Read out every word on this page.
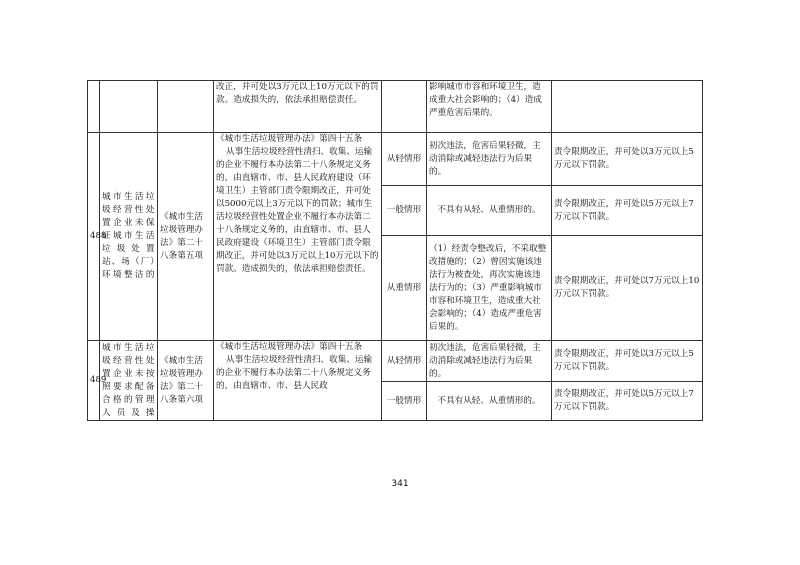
			改正，并可处以3万元以上10万元以下的罚款。造成损失的，依法承担赔偿责任。		影响城市市容和环境卫生，造成重大社会影响的；（4）造成严重危害后果的。	
488	城市生活垃圾经营性处置企业未保证城市生活垃圾处置站、场（厂）环境整洁的	《城市生活垃圾管理办法》第二十八条第五项	《城市生活垃圾管理办法》第四十五条
从事生活垃圾经营性清扫、收集、运输的企业不履行本办法第二十八条规定义务的，由直辖市、市、县人民政府建设（环境卫生）主管部门责令限期改正，并可处以5000元以上3万元以下的罚款；城市生活垃圾经营性处置企业不履行本办法第二十八条规定义务的，由直辖市、市、县人民政府建设（环境卫生）主管部门责令限期改正，并可处以3万元以上10万元以下的罚款。造成损失的，依法承担赔偿责任。	从轻情形	初次违法，危害后果轻微，主动消除或减轻违法行为后果的。	责令限期改正，并可处以3万元以上5万元以下罚款。
				一般情形	不具有从轻、从重情形的。	责令限期改正，并可处以5万元以上7万元以下罚款。
				从重情形	（1）经责令整改后，不采取整改措施的；（2）曾因实施该违法行为被查处，再次实施该违法行为的；（3）严重影响城市市容和环境卫生，造成重大社会影响的；（4）造成严重危害后果的。	责令限期改正，并可处以7万元以上10万元以下罚款。
489	城市生活垃圾经营性处置企业未按照要求配备合格的管理人员及操	《城市生活垃圾管理办法》第二十八条第六项	《城市生活垃圾管理办法》第四十五条
从事生活垃圾经营性清扫、收集、运输的企业不履行本办法第二十八条规定义务的，由直辖市、市、县人民政	从轻情形	初次违法，危害后果轻微，主动消除或减轻违法行为后果的。	责令限期改正，并可处以3万元以上5万元以下罚款。
				一般情形	不具有从轻、从重情形的。	责令限期改正，并可处以5万元以上7万元以下罚款。
341
